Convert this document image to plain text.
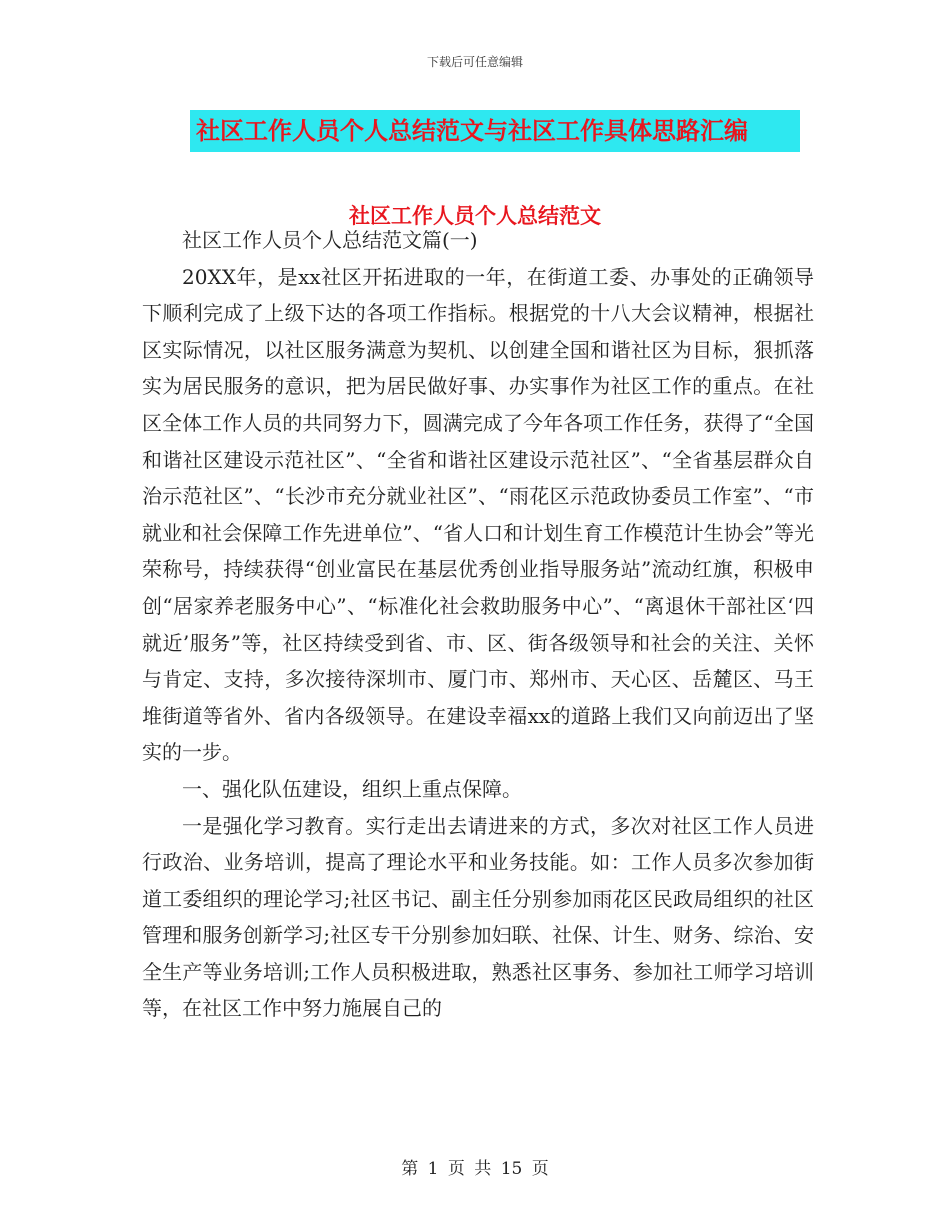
下载后可任意编辑
社区工作人员个人总结范文与社区工作具体思路汇编
社区工作人员个人总结范文

社区工作人员个人总结范文篇(一)

20XX年，是xx社区开拓进取的一年，在街道工委、办事处的正确领导下顺利完成了上级下达的各项工作指标。根据党的十八大会议精神，根据社区实际情况，以社区服务满意为契机、以创建全国和谐社区为目标，狠抓落实为居民服务的意识，把为居民做好事、办实事作为社区工作的重点。在社区全体工作人员的共同努力下，圆满完成了今年各项工作任务，获得了“全国和谐社区建设示范社区”、“全省和谐社区建设示范社区”、“全省基层群众自治示范社区”、“长沙市充分就业社区”、“雨花区示范政协委员工作室”、“市就业和社会保障工作先进单位”、“省人口和计划生育工作模范计生协会”等光荣称号，持续获得“创业富民在基层优秀创业指导服务站”流动红旗，积极申创“居家养老服务中心”、“标准化社会救助服务中心”、“离退休干部社区‘四就近’服务”等，社区持续受到省、市、区、街各级领导和社会的关注、关怀与肯定、支持，多次接待深圳市、厦门市、郑州市、天心区、岳麓区、马王堆街道等省外、省内各级领导。在建设幸福xx的道路上我们又向前迈出了坚实的一步。

一、强化队伍建设，组织上重点保障。

一是强化学习教育。实行走出去请进来的方式，多次对社区工作人员进行政治、业务培训，提高了理论水平和业务技能。如：工作人员多次参加街道工委组织的理论学习;社区书记、副主任分别参加雨花区民政局组织的社区管理和服务创新学习;社区专干分别参加妇联、社保、计生、财务、综治、安全生产等业务培训;工作人员积极进取，熟悉社区事务、参加社工师学习培训等，在社区工作中努力施展自己的

第 1 页 共 15 页
